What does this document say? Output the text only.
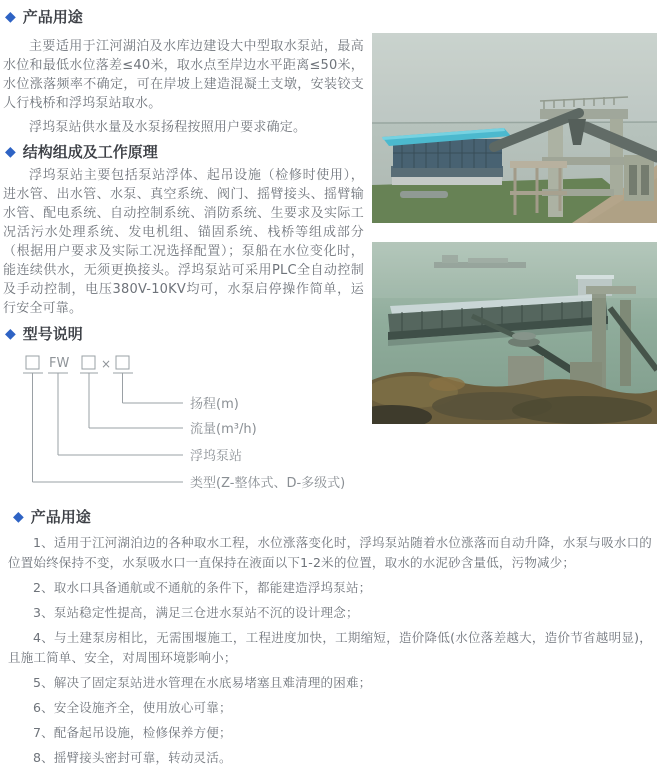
◆ 产品用途

主要适用于江河湖泊及水库边建设大中型取水泵站，最高水位和最低水位落差≤40米，取水点至岸边水平距离≤50米，水位涨落频率不确定，可在岸坡上建造混凝土支墩，安装铰支人行栈桥和浮坞泵站取水。

浮坞泵站供水量及水泵扬程按照用户要求确定。

◆ 结构组成及工作原理

浮坞泵站主要包括泵站浮体、起吊设施（检修时使用），进水管、出水管、水泵、真空系统、阀门、摇臂接头、摇臂输水管、配电系统、自动控制系统、消防系统、生要求及实际工况活污水处理系统、发电机组、锚固系统、栈桥等组成部分（根据用户要求及实际工况选择配置）；泵船在水位变化时，能连续供水，无须更换接头。浮坞泵站可采用PLC全自动控制及手动控制，电压380V-10KV均可，水泵启停操作简单，运行安全可靠。

◆ 型号说明
FW	×
扬程(m)
流量(m³/h)
浮坞泵站
类型(Z-整体式、D-多级式)
◆ 产品用途

1、适用于江河湖泊边的各种取水工程，水位涨落变化时，浮坞泵站随着水位涨落而自动升降，水泵与吸水口的位置始终保持不变，水泵吸水口一直保持在液面以下1-2米的位置，取水的水泥砂含量低，污物减少；

2、取水口具备通航或不通航的条件下，都能建造浮坞泵站；

3、泵站稳定性提高，满足三仓进水泵站不沉的设计理念；

4、与土建泵房相比，无需围堰施工，工程进度加快，工期缩短，造价降低(水位落差越大，造价节省越明显)，且施工简单、安全，对周围环境影响小；

5、解决了固定泵站进水管理在水底易堵塞且难清理的困难；

6、安全设施齐全，使用放心可靠；

7、配备起吊设施，检修保养方便；

8、摇臂接头密封可靠，转动灵活。
